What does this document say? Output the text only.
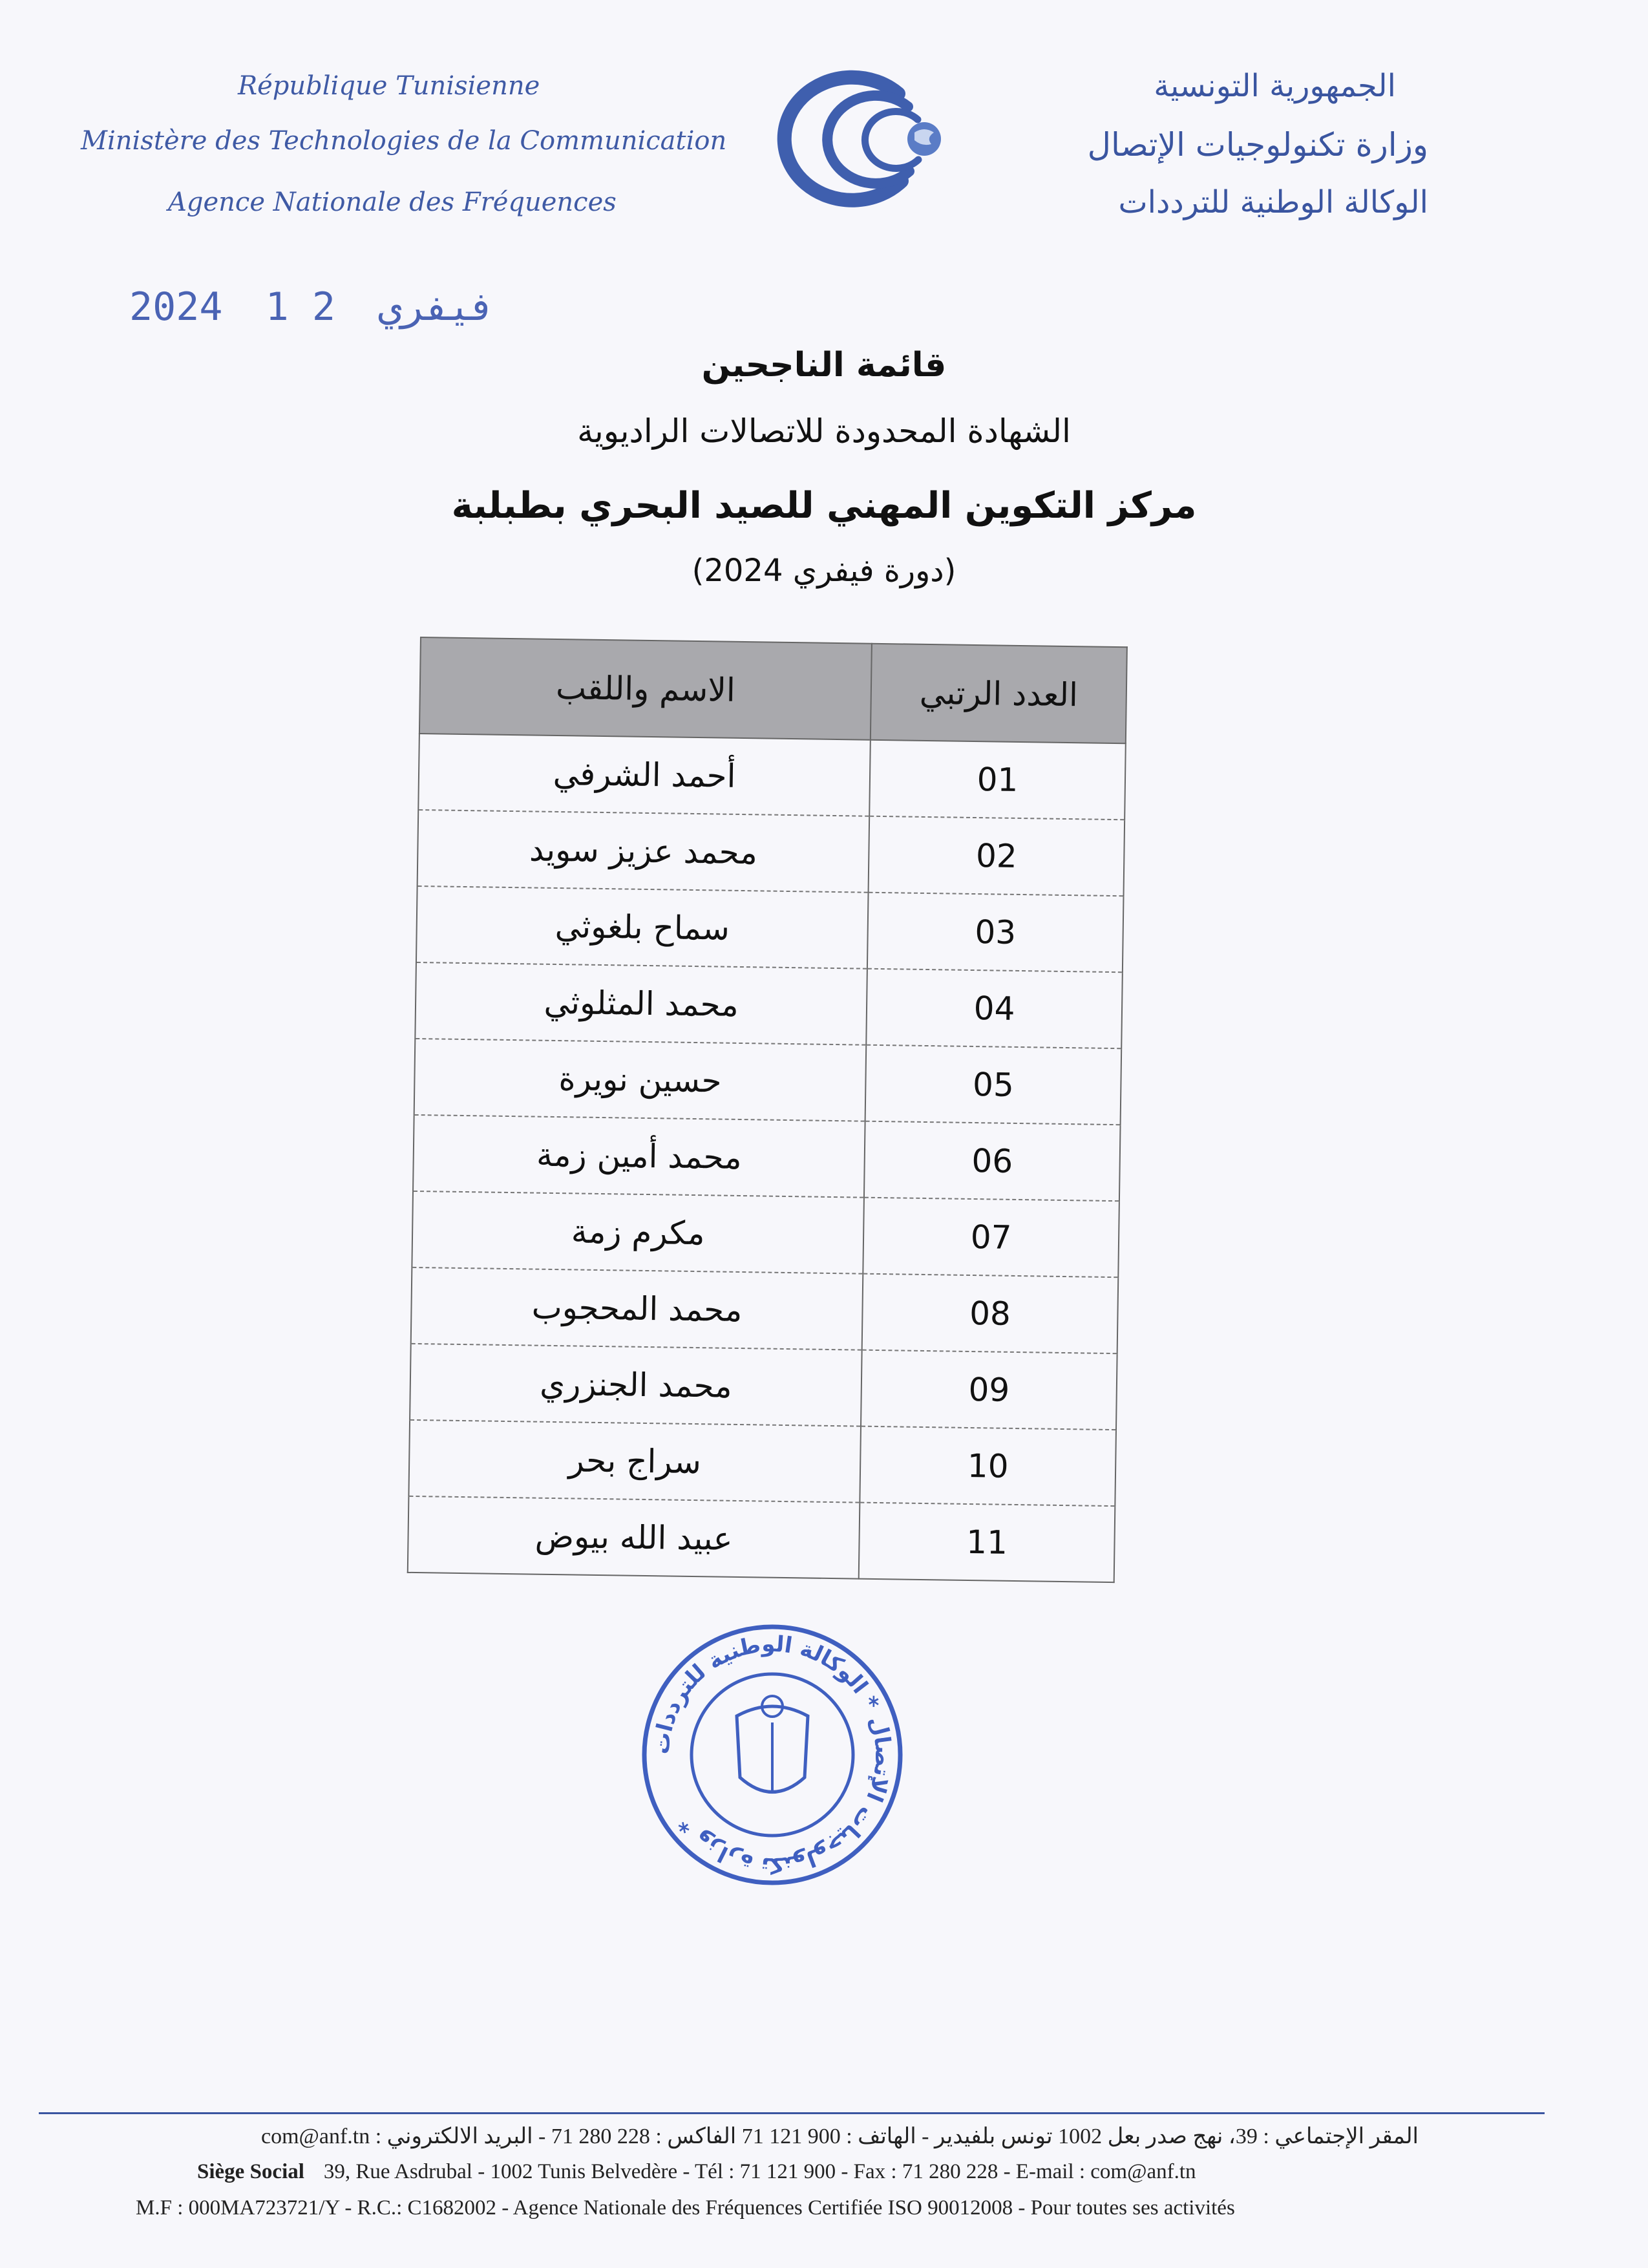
République Tunisienne
Ministère des Technologies de la Communication
Agence Nationale des Fréquences
الجمهورية التونسية
وزارة تكنولوجيات الإتصال
الوكالة الوطنية للترددات
2024	فيفري 2 1
قائمة الناجحين
الشهادة المحدودة للاتصالات الراديوية
مركز التكوين المهني للصيد البحري بطبلبة
(دورة فيفري 2024)
العدد الرتبي	الاسم واللقب
01	أحمد الشرفي
02	محمد عزيز سويد
03	سماح بلغوثي
04	محمد المثلوثي
05	حسين نويرة
06	محمد أمين زمة
07	مكرم زمة
08	محمد المحجوب
09	محمد الجنزري
10	سراج بحر
11	عبيد الله بيوض
وزارة تكنولوجيات الإتصال * الوكالة الوطنية للترددات *
المقر الإجتماعي : 39، نهج صدر بعل 1002 تونس بلفيدير - الهاتف : 900 121 71 الفاكس : 228 280 71 - البريد الالكتروني : com@anf.tn
Siège Social 39, Rue Asdrubal - 1002 Tunis Belvedère - Tél : 71 121 900 - Fax : 71 280 228 - E-mail : com@anf.tn
M.F : 000MA723721/Y - R.C.: C1682002 - Agence Nationale des Fréquences Certifiée ISO 90012008 - Pour toutes ses activités
